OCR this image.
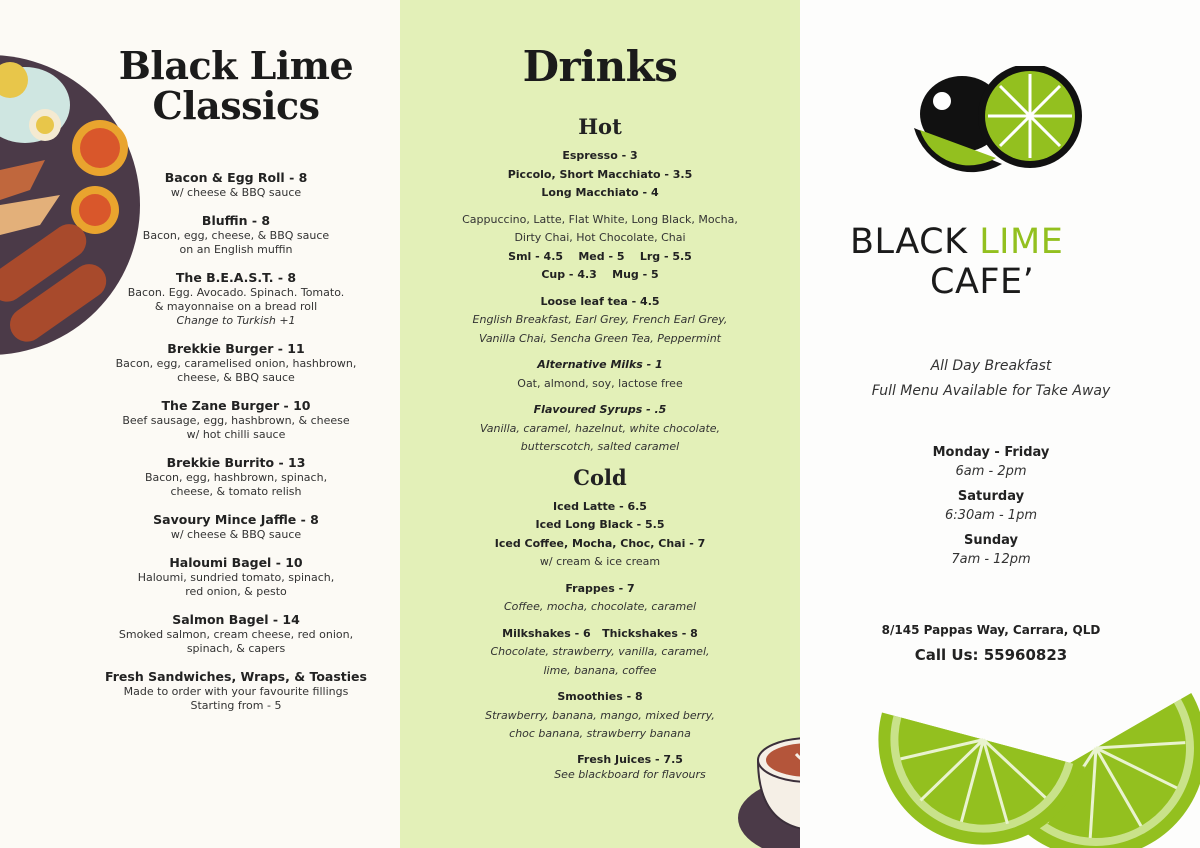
Black Lime
Classics
Bacon & Egg Roll - 8
w/ cheese & BBQ sauce
Bluffin - 8
Bacon, egg, cheese, & BBQ sauce
on an English muffin
The B.E.A.S.T. - 8
Bacon. Egg. Avocado. Spinach. Tomato.
& mayonnaise on a bread roll
Change to Turkish +1
Brekkie Burger - 11
Bacon, egg, caramelised onion, hashbrown,
cheese, & BBQ sauce
The Zane Burger - 10
Beef sausage, egg, hashbrown, & cheese
w/ hot chilli sauce
Brekkie Burrito - 13
Bacon, egg, hashbrown, spinach,
cheese, & tomato relish
Savoury Mince Jaffle - 8
w/ cheese & BBQ sauce
Haloumi Bagel - 10
Haloumi, sundried tomato, spinach,
red onion, & pesto
Salmon Bagel - 14
Smoked salmon, cream cheese, red onion,
spinach, & capers
Fresh Sandwiches, Wraps, & Toasties
Made to order with your favourite fillings
Starting from - 5
Drinks
Hot
Espresso - 3
Piccolo, Short Macchiato - 3.5
Long Macchiato - 4
Cappuccino, Latte, Flat White, Long Black, Mocha,
Dirty Chai, Hot Chocolate, Chai
Sml - 4.5    Med - 5    Lrg - 5.5
Cup - 4.3    Mug - 5
Loose leaf tea - 4.5
English Breakfast, Earl Grey, French Earl Grey,
Vanilla Chai, Sencha Green Tea, Peppermint
Alternative Milks - 1
Oat, almond, soy, lactose free
Flavoured Syrups - .5
Vanilla, caramel, hazelnut, white chocolate,
butterscotch, salted caramel
Cold
Iced Latte - 6.5
Iced Long Black - 5.5
Iced Coffee, Mocha, Choc, Chai - 7
w/ cream & ice cream
Frappes - 7
Coffee, mocha, chocolate, caramel
Milkshakes - 6   Thickshakes - 8
Chocolate, strawberry, vanilla, caramel,
lime, banana, coffee
Smoothies - 8
Strawberry, banana, mango, mixed berry,
choc banana, strawberry banana
Fresh Juices - 7.5
See blackboard for flavours
BLACK LIME
CAFE’
All Day Breakfast
Full Menu Available for Take Away
Monday - Friday
6am - 2pm
Saturday
6:30am - 1pm
Sunday
7am - 12pm
8/145 Pappas Way, Carrara, QLD
Call Us: 55960823
